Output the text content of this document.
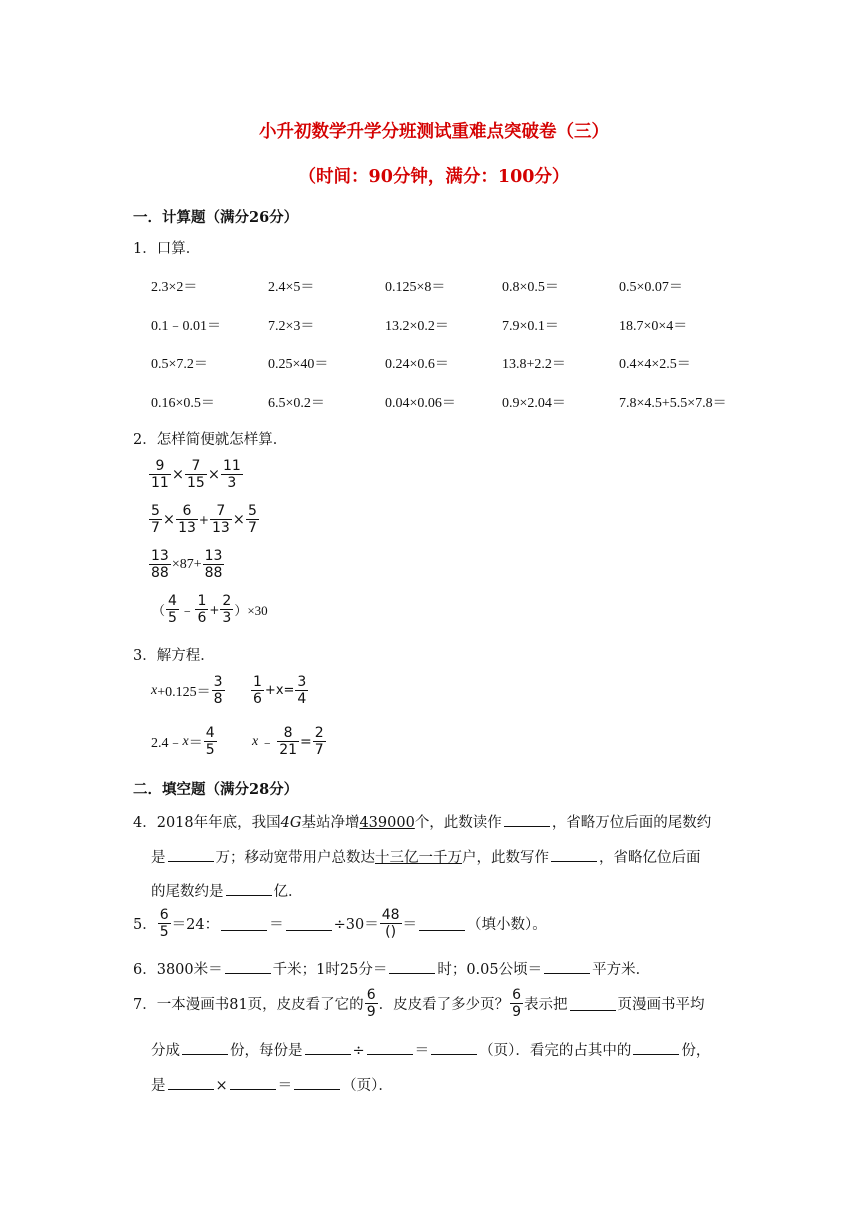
小升初数学升学分班测试重难点突破卷（三）
（时间：90分钟，满分：100分）
一．计算题（满分26分）
1．口算．
2.3×2＝	2.4×5＝	0.125×8＝	0.8×0.5＝	0.5×0.07＝
0.1﹣0.01＝	7.2×3＝	13.2×0.2＝	7.9×0.1＝	18.7×0×4＝
0.5×7.2＝	0.25×40＝	0.24×0.6＝	13.8+2.2＝	0.4×4×2.5＝
0.16×0.5＝	6.5×0.2＝	0.04×0.06＝	0.9×2.04＝	7.8×4.5+5.5×7.8＝
2．怎样简便就怎样算．
$\frac{9}{11} \times \frac{7}{15} \times \frac{11}{3}$
$\frac{5}{7} \times \frac{6}{13} + \frac{7}{13} \times \frac{5}{7}$
$\frac{13}{88} \times 87+ \frac{13}{88}$
（ $\frac{4}{5}$ ﹣ $\frac{1}{6} + \frac{2}{3} )\times 30$
3．解方程．
$x +0.125= \frac{3}{8} \frac{1}{6} +x= \frac{3}{4}$
2.4﹣ $x = \frac{4}{5}$	x ﹣ $\frac{8}{21} = \frac{2}{7}$
二．填空题（满分28分）
4．2018年年底，我国4G基站净增439000个，此数读作	，省略万位后面的尾数约
是	万；移动宽带用户总数达十三亿一千万户，此数写作	，省略亿位后面
的尾数约是	亿．
5． $\frac{6}{5} =24$：	＝	$\div 30= \frac{48}{()}$ ＝	（填小数）。
6．3800米＝	千米；1时25分＝	时；0.05公顷＝	平方米．
7．一本漫画书81页，皮皮看了它的 $\frac{6}{9}$ ．皮皮看了多少页？ $\frac{6}{9}$ 表示把	页漫画书平均
分成	份，每份是	÷	＝	（页）．看完的占其中的	份，
是	×	＝	（页）．
